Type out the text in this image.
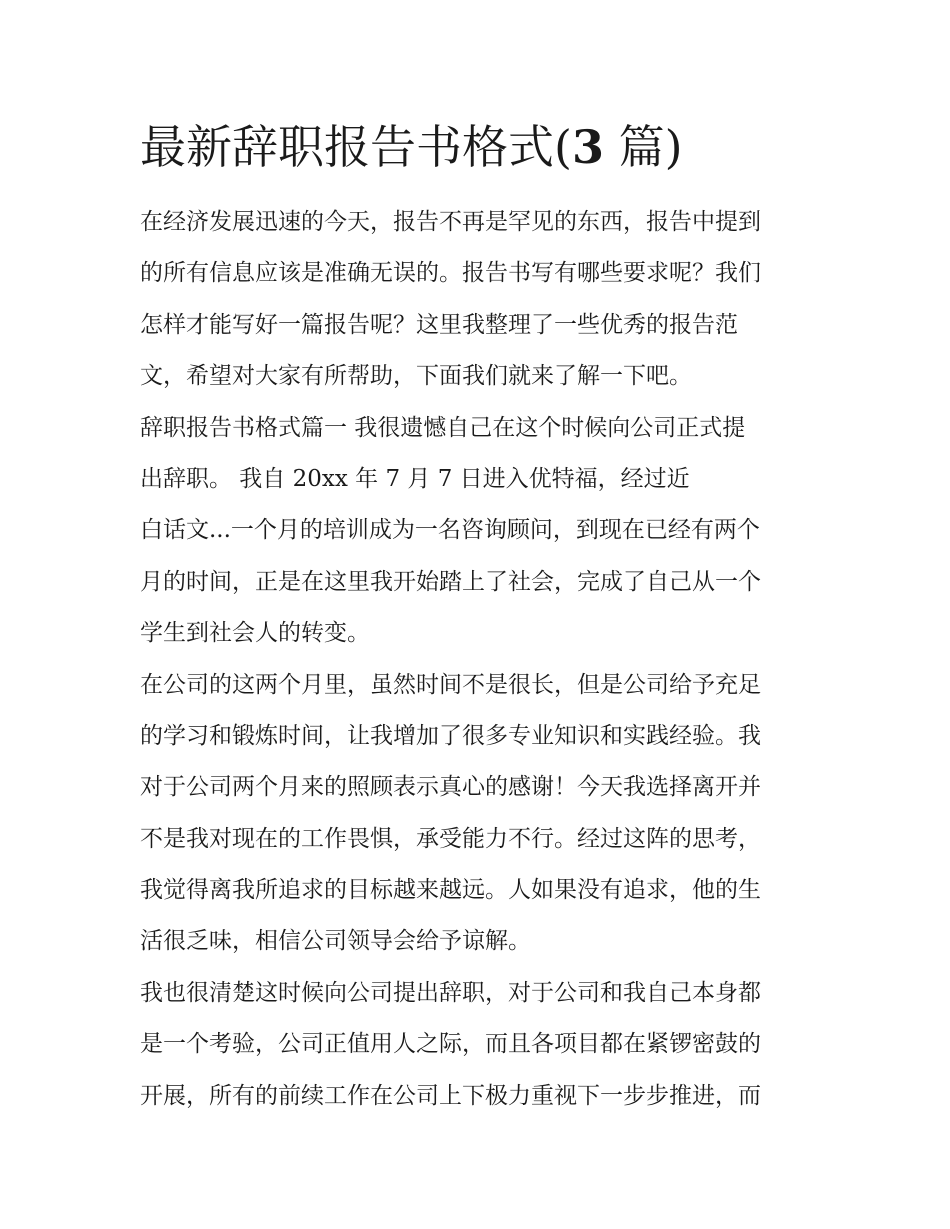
最新辞职报告书格式(3 篇)

在经济发展迅速的今天，报告不再是罕见的东西，报告中提到

的所有信息应该是准确无误的。报告书写有哪些要求呢？我们

怎样才能写好一篇报告呢？这里我整理了一些优秀的报告范

文，希望对大家有所帮助，下面我们就来了解一下吧。

辞职报告书格式篇一 我很遗憾自己在这个时候向公司正式提

出辞职。 我自 20xx 年 7 月 7 日进入优特福，经过近

白话文...一个月的培训成为一名咨询顾问，到现在已经有两个

月的时间，正是在这里我开始踏上了社会，完成了自己从一个

学生到社会人的转变。

在公司的这两个月里，虽然时间不是很长，但是公司给予充足

的学习和锻炼时间，让我增加了很多专业知识和实践经验。我

对于公司两个月来的照顾表示真心的感谢！今天我选择离开并

不是我对现在的工作畏惧，承受能力不行。经过这阵的思考，

我觉得离我所追求的目标越来越远。人如果没有追求，他的生

活很乏味，相信公司领导会给予谅解。

我也很清楚这时候向公司提出辞职，对于公司和我自己本身都

是一个考验，公司正值用人之际，而且各项目都在紧锣密鼓的

开展，所有的前续工作在公司上下极力重视下一步步推进，而
